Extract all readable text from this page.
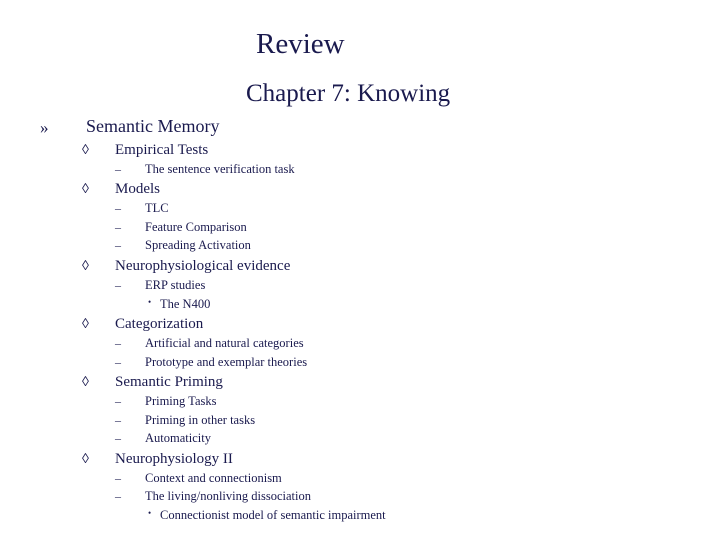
Review
Chapter 7: Knowing
» Semantic Memory
◊ Empirical Tests
– The sentence verification task
◊ Models
– TLC
– Feature Comparison
– Spreading Activation
◊ Neurophysiological evidence
– ERP studies
• The N400
◊ Categorization
– Artificial and natural categories
– Prototype and exemplar theories
◊ Semantic Priming
– Priming Tasks
– Priming in other tasks
– Automaticity
◊ Neurophysiology II
– Context and connectionism
– The living/nonliving dissociation
• Connectionist model of semantic impairment
